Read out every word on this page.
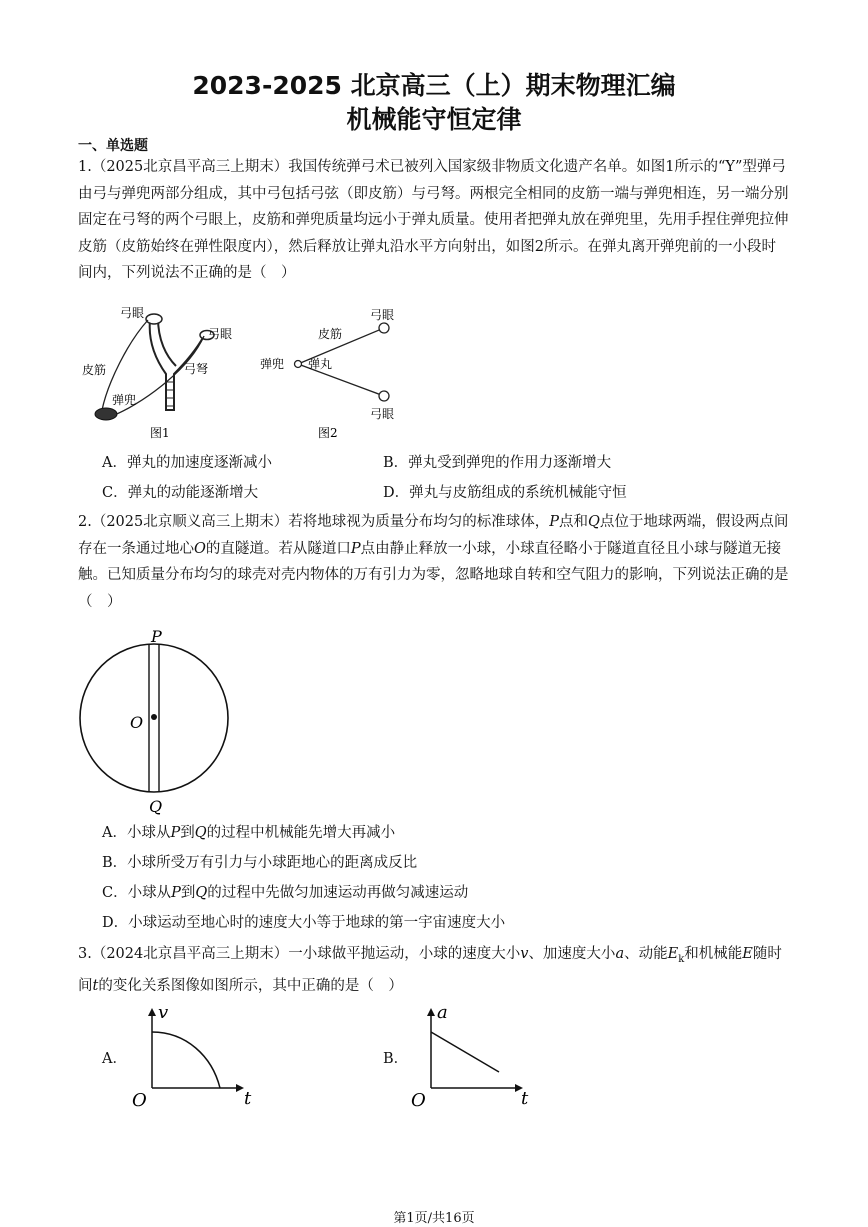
2023-2025 北京高三（上）期末物理汇编
机械能守恒定律
一、单选题
1.（2025北京昌平高三上期末）我国传统弹弓术已被列入国家级非物质文化遗产名单。如图1所示的“Y”型弹弓由弓与弹兜两部分组成，其中弓包括弓弦（即皮筋）与弓弩。两根完全相同的皮筋一端与弹兜相连，另一端分别固定在弓弩的两个弓眼上，皮筋和弹兜质量均远小于弹丸质量。使用者把弹丸放在弹兜里，先用手捏住弹兜拉伸皮筋（皮筋始终在弹性限度内），然后释放让弹丸沿水平方向射出，如图2所示。在弹丸离开弹兜前的一小段时间内，下列说法不正确的是（　）
弓眼
弓眼
皮筋	弓弩
弹兜
图1
弓眼
弓眼
皮筋
弹兜 弹丸
图2
A．弹丸的加速度逐渐减小	B．弹丸受到弹兜的作用力逐渐增大
C．弹丸的动能逐渐增大	D．弹丸与皮筋组成的系统机械能守恒
2.（2025北京顺义高三上期末）若将地球视为质量分布均匀的标准球体，P点和Q点位于地球两端，假设两点间存在一条通过地心O的直隧道。若从隧道口P点由静止释放一小球，小球直径略小于隧道直径且小球与隧道无接触。已知质量分布均匀的球壳对壳内物体的万有引力为零，忽略地球自转和空气阻力的影响，下列说法正确的是（　）
P
O
Q
A．小球从P到Q的过程中机械能先增大再减小
B．小球所受万有引力与小球距地心的距离成反比
C．小球从P到Q的过程中先做匀加速运动再做匀减速运动
D．小球运动至地心时的速度大小等于地球的第一宇宙速度大小
3.（2024北京昌平高三上期末）一小球做平抛运动，小球的速度大小v、加速度大小a、动能$E_k$和机械能E随时间t的变化关系图像如图所示，其中正确的是（　）
A．
v
t
O
B．
a
t
O
第1页/共16页
